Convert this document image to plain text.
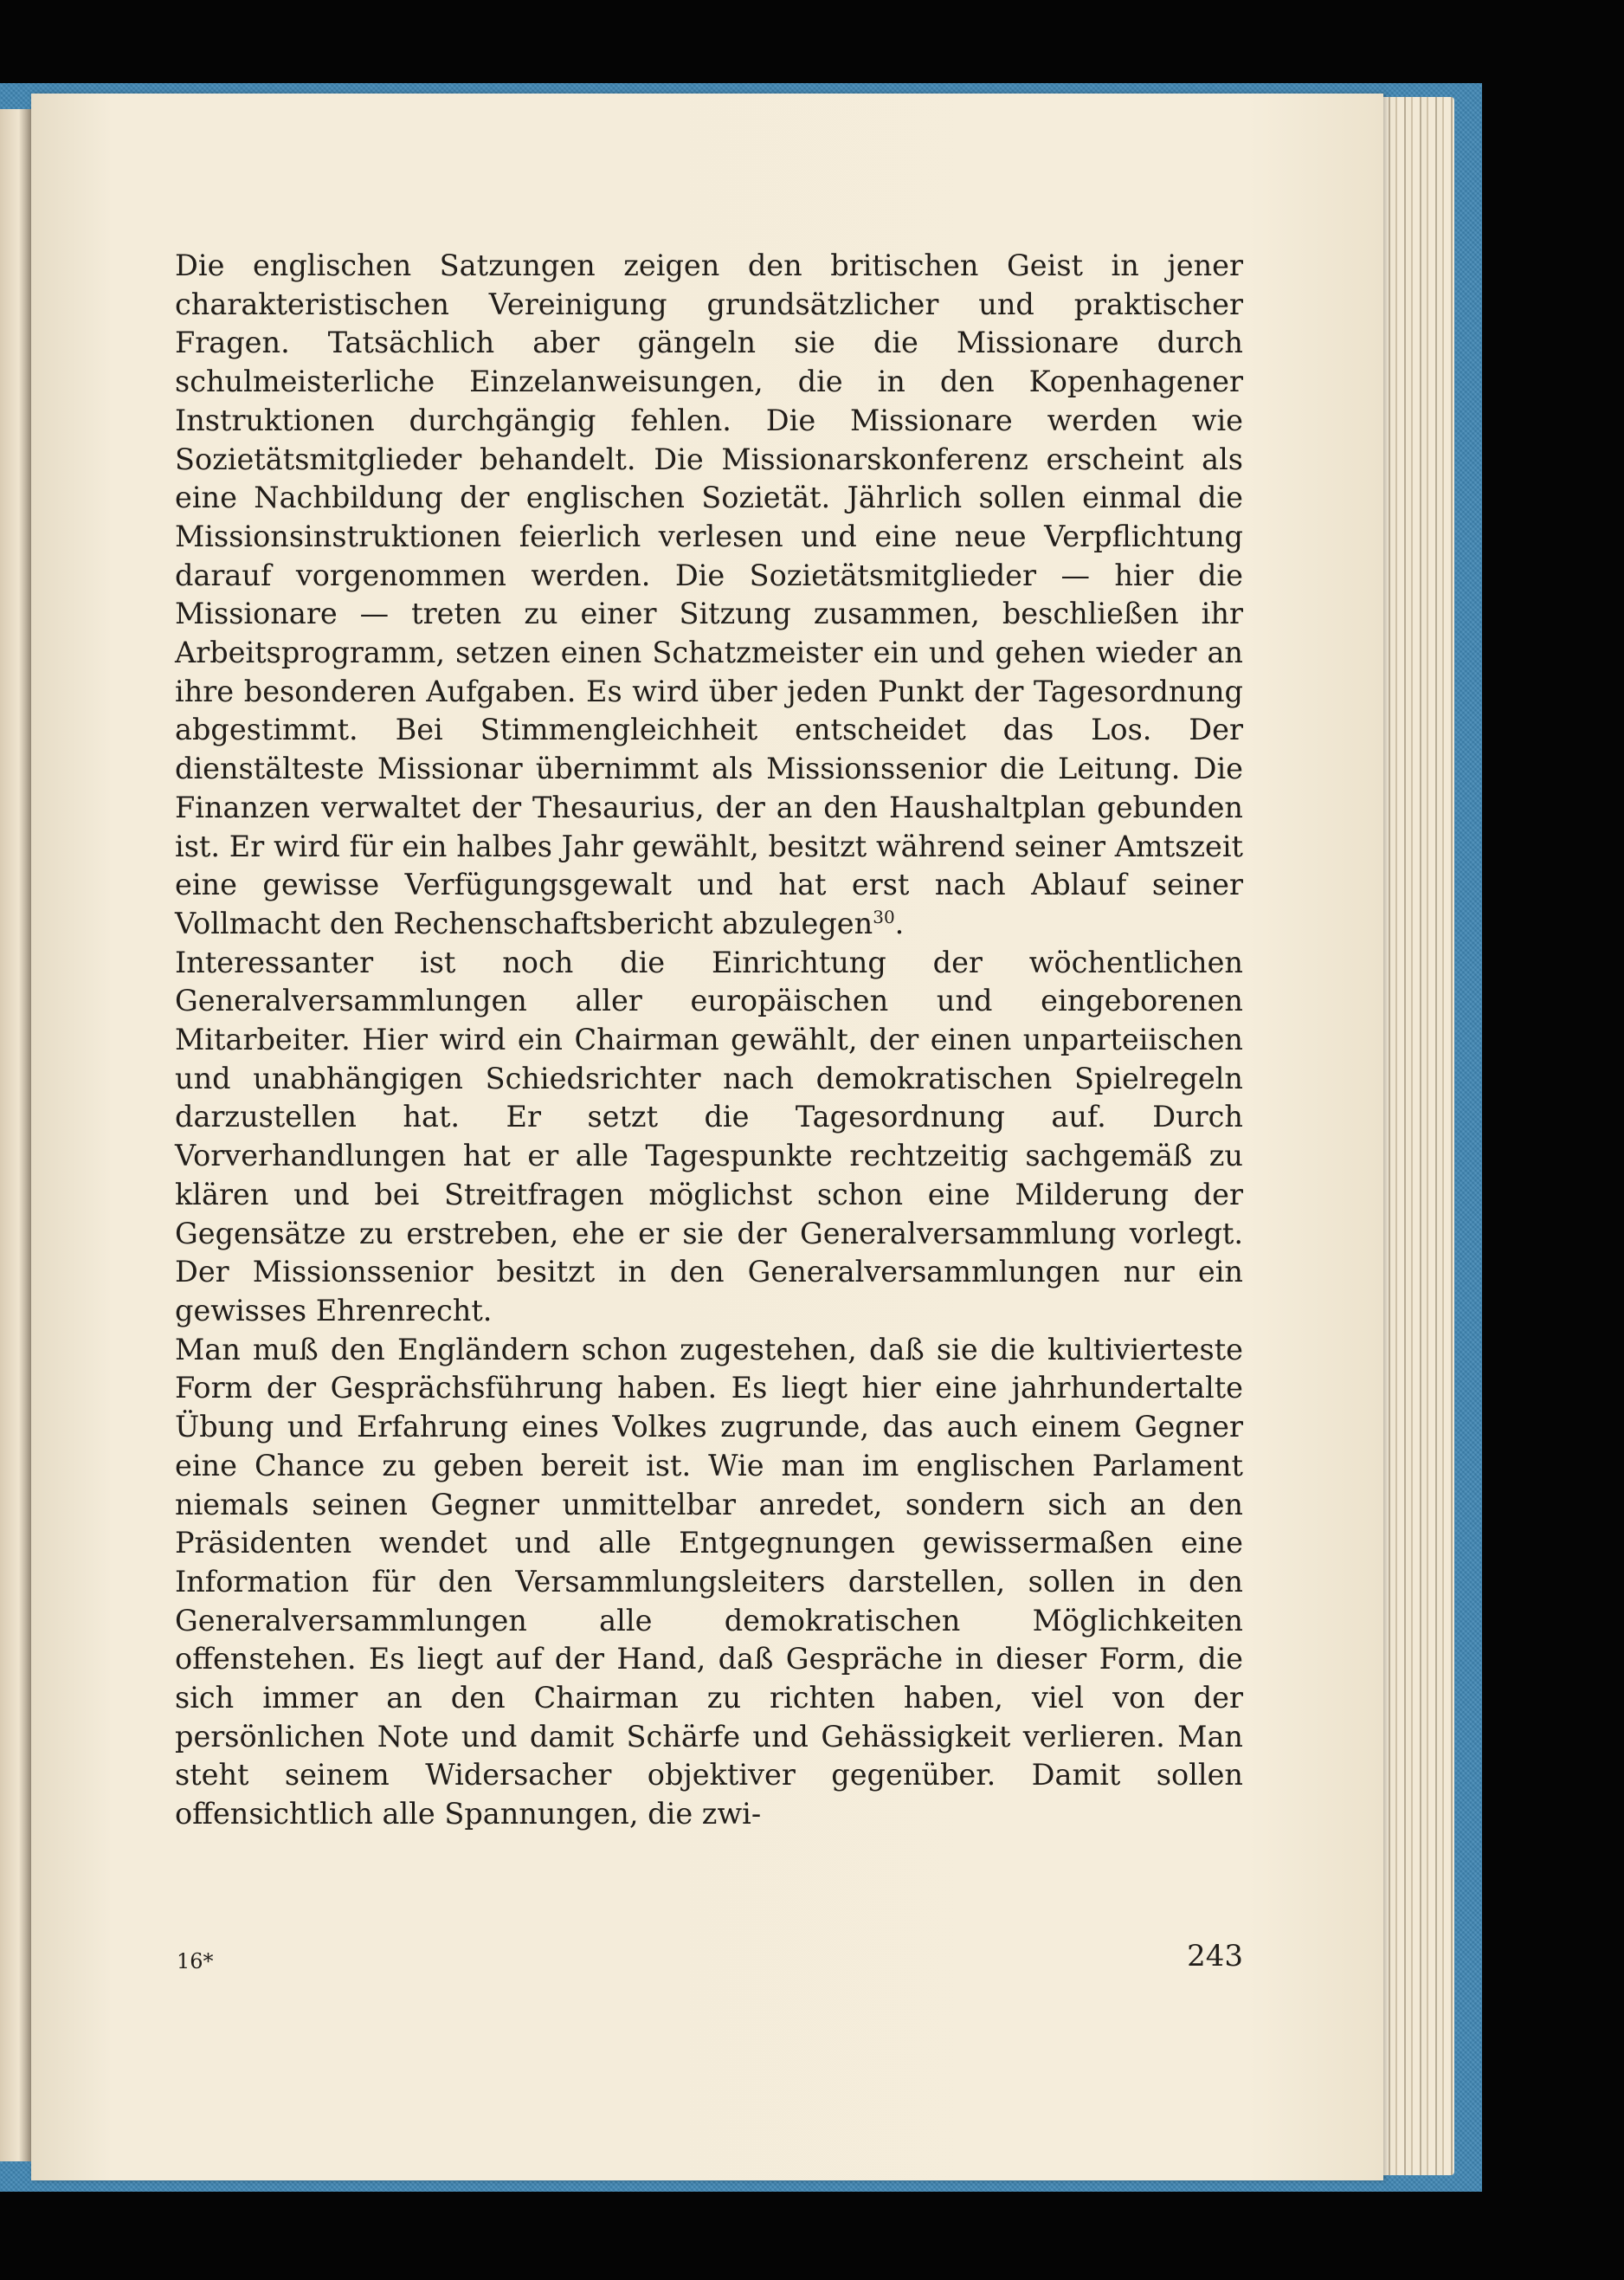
Die englischen Satzungen zeigen den britischen Geist in jener charakteristischen Vereinigung grundsätzlicher und praktischer Fragen. Tatsächlich aber gängeln sie die Missionare durch schulmeisterliche Einzelanweisungen, die in den Kopenhagener Instruktionen durchgängig fehlen. Die Missionare werden wie Sozietätsmitglieder behandelt. Die Missionarskonferenz erscheint als eine Nachbildung der englischen Sozietät. Jährlich sollen einmal die Missionsinstruktionen feierlich verlesen und eine neue Verpflichtung darauf vorgenommen werden. Die Sozietätsmitglieder — hier die Missionare — treten zu einer Sitzung zusammen, beschließen ihr Arbeitsprogramm, setzen einen Schatzmeister ein und gehen wieder an ihre besonderen Aufgaben. Es wird über jeden Punkt der Tagesordnung abgestimmt. Bei Stimmengleichheit entscheidet das Los. Der dienstälteste Missionar übernimmt als Missionssenior die Leitung. Die Finanzen verwaltet der Thesaurius, der an den Haushaltplan gebunden ist. Er wird für ein halbes Jahr gewählt, besitzt während seiner Amtszeit eine gewisse Verfügungsgewalt und hat erst nach Ablauf seiner Vollmacht den Rechenschaftsbericht abzulegen$^{30}$.

Interessanter ist noch die Einrichtung der wöchentlichen Generalversammlungen aller europäischen und eingeborenen Mitarbeiter. Hier wird ein Chairman gewählt, der einen unparteiischen und unabhängigen Schiedsrichter nach demokratischen Spielregeln darzustellen hat. Er setzt die Tagesordnung auf. Durch Vorverhandlungen hat er alle Tagespunkte rechtzeitig sachgemäß zu klären und bei Streitfragen möglichst schon eine Milderung der Gegensätze zu erstreben, ehe er sie der Generalversammlung vorlegt. Der Missionssenior besitzt in den Generalversammlungen nur ein gewisses Ehrenrecht.

Man muß den Engländern schon zugestehen, daß sie die kultivierteste Form der Gesprächsführung haben. Es liegt hier eine jahrhundertalte Übung und Erfahrung eines Volkes zugrunde, das auch einem Gegner eine Chance zu geben bereit ist. Wie man im englischen Parlament niemals seinen Gegner unmittelbar anredet, sondern sich an den Präsidenten wendet und alle Entgegnungen gewissermaßen eine Information für den Versammlungsleiters darstellen, sollen in den Generalversammlungen alle demokratischen Möglichkeiten offenstehen. Es liegt auf der Hand, daß Gespräche in dieser Form, die sich immer an den Chairman zu richten haben, viel von der persönlichen Note und damit Schärfe und Gehässigkeit verlieren. Man steht seinem Widersacher objektiver gegenüber. Damit sollen offensichtlich alle Spannungen, die zwi-

16*	243
